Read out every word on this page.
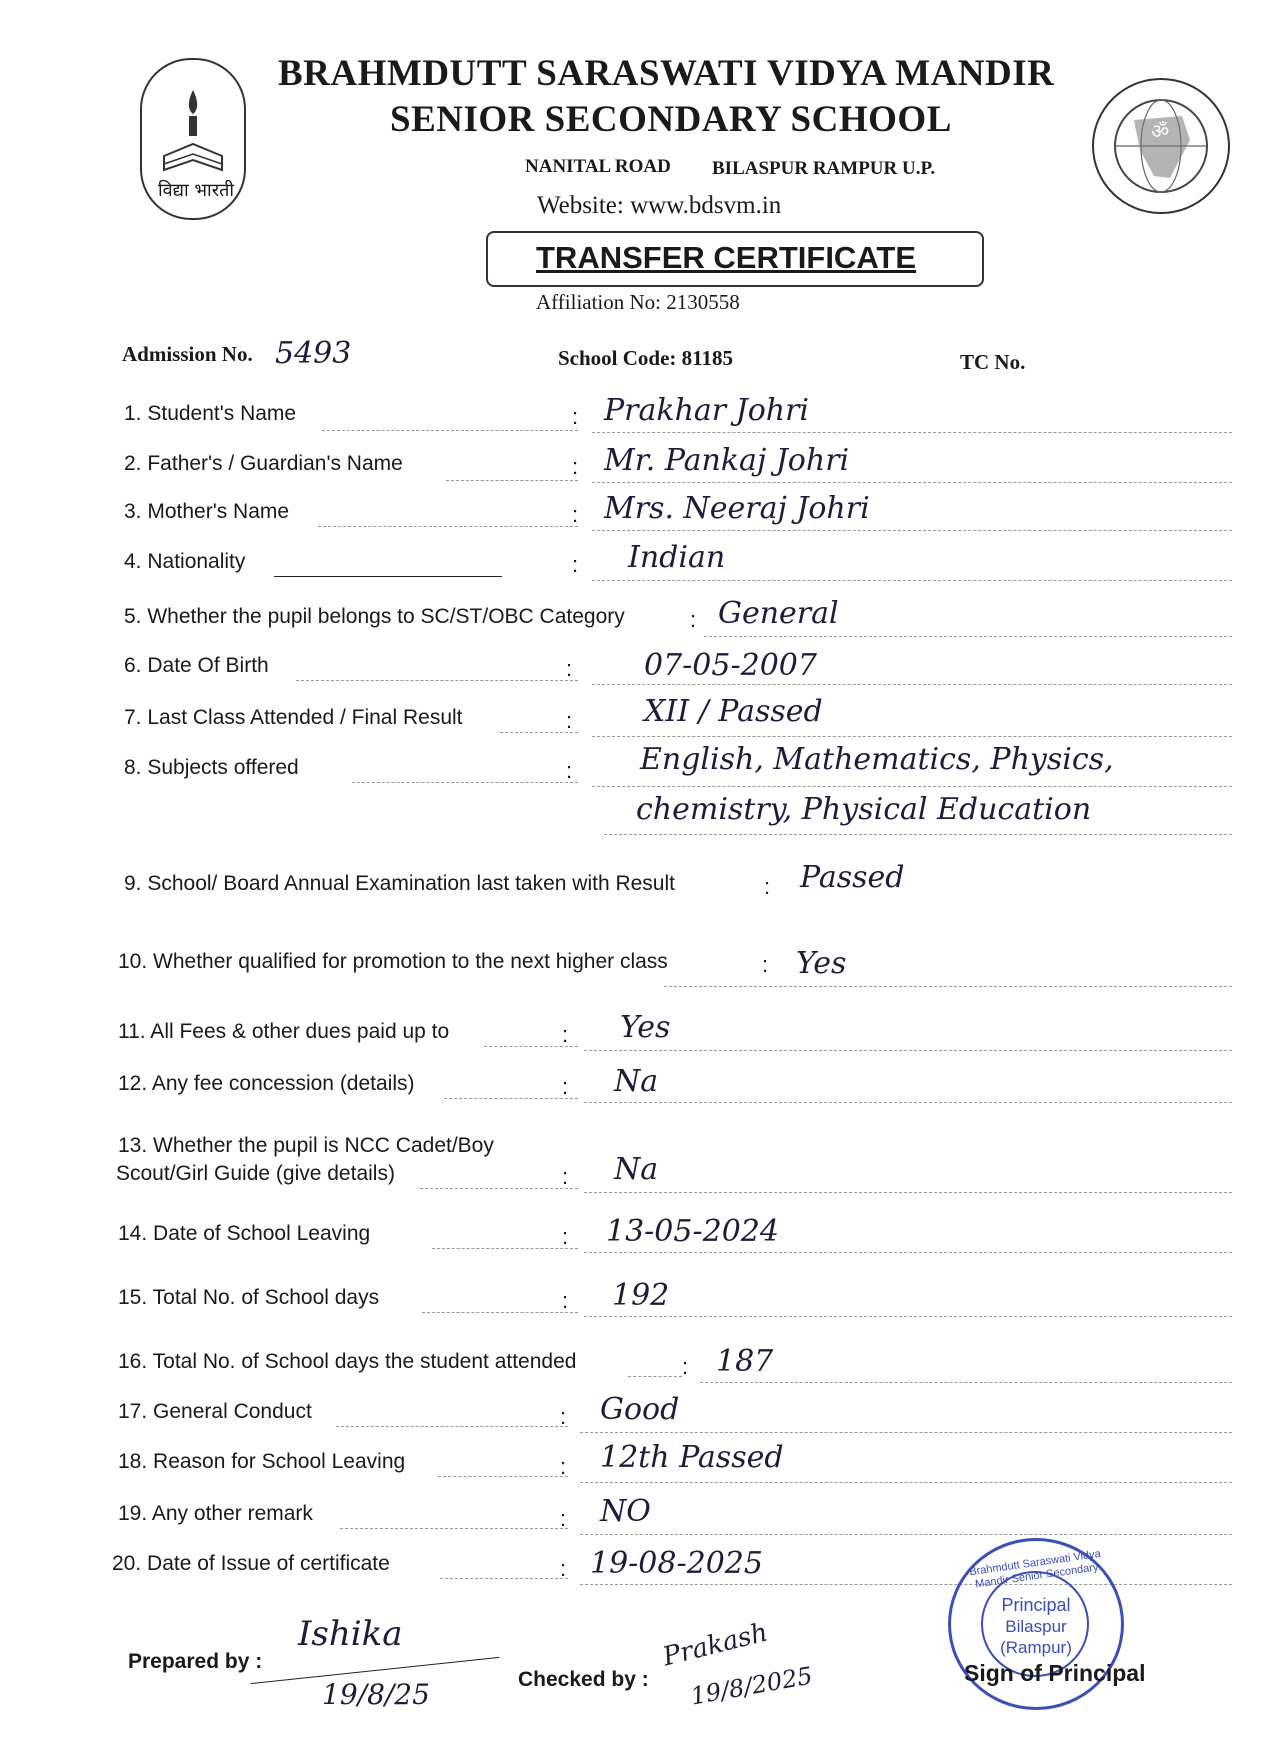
विद्या भारती
ॐ
BRAHMDUTT SARASWATI VIDYA MANDIR
SENIOR SECONDARY SCHOOL
NANITAL ROAD BILASPUR RAMPUR U.P.
Website: www.bdsvm.in
TRANSFER CERTIFICATE
Affiliation No: 2130558
Admission No. 5493	School Code: 81185	TC No.
1. Student's Name	: Prakhar Johri
2. Father's / Guardian's Name	: Mr. Pankaj Johri
3. Mother's Name	: Mrs. Neeraj Johri
4. Nationality	: Indian
5. Whether the pupil belongs to SC/ST/OBC Category	: General
6. Date Of Birth	: 07-05-2007
7. Last Class Attended / Final Result	: XII / Passed
8. Subjects offered	: English, Mathematics, Physics,
chemistry, Physical Education
9. School/ Board Annual Examination last taken with Result	: Passed
10. Whether qualified for promotion to the next higher class	: Yes
11. All Fees & other dues paid up to	: Yes
12. Any fee concession (details)	: Na
13. Whether the pupil is NCC Cadet/Boy
Scout/Girl Guide (give details)	: Na
14. Date of School Leaving	: 13-05-2024
15. Total No. of School days	: 192
16. Total No. of School days the student attended	: 187
17. General Conduct	: Good
18. Reason for School Leaving	: 12th Passed
19. Any other remark	: NO
20. Date of Issue of certificate	: 19-08-2025
Prepared by :
Ishika
19/8/25	Checked by :
Prakash
19/8/2025
Brahmdutt Saraswati Vidya Mandir Senior Secondary
Principal
Bilaspur
(Rampur)
Sign of Principal
